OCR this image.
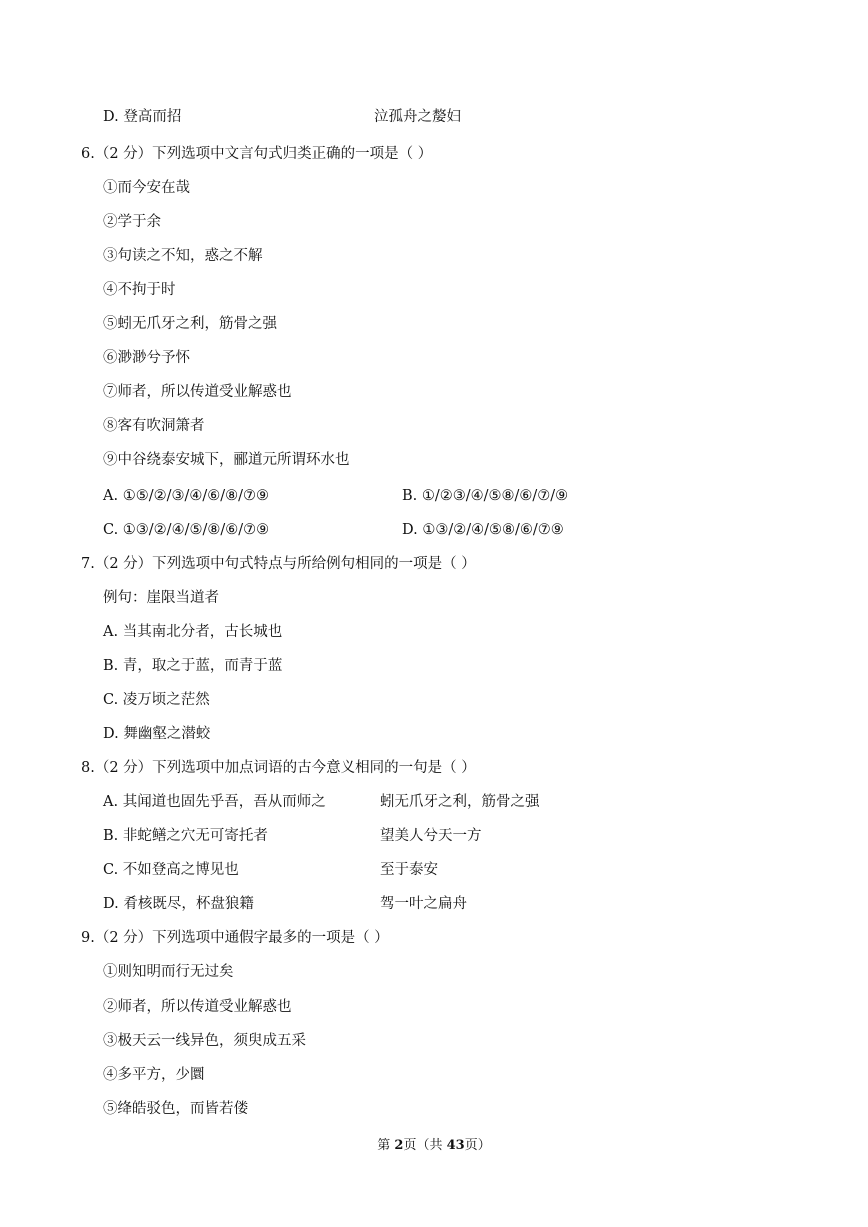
D. 登高而招	泣孤舟之嫠妇
6.（2 分）下列选项中文言句式归类正确的一项是（ ）
①而今安在哉
②学于余
③句读之不知，惑之不解
④不拘于时
⑤蚓无爪牙之利，筋骨之强
⑥渺渺兮予怀
⑦师者，所以传道受业解惑也
⑧客有吹洞箫者
⑨中谷绕泰安城下，郦道元所谓环水也
A. ①⑤/②/③/④/⑥/⑧/⑦⑨	B. ①/②③/④/⑤⑧/⑥/⑦/⑨
C. ①③/②/④/⑤/⑧/⑥/⑦⑨	D. ①③/②/④/⑤⑧/⑥/⑦⑨
7.（2 分）下列选项中句式特点与所给例句相同的一项是（ ）
例句：崖限当道者
A. 当其南北分者，古长城也
B. 青，取之于蓝，而青于蓝
C. 凌万顷之茫然
D. 舞幽壑之潜蛟
8.（2 分）下列选项中加点词语的古今意义相同的一句是（ ）
A. 其闻道也固先乎吾，吾从而师之	蚓无爪牙之利，筋骨之强
B. 非蛇鳝之穴无可寄托者	望美人兮天一方
C. 不如登高之博见也	至于泰安
D. 肴核既尽，杯盘狼籍	驾一叶之扁舟
9.（2 分）下列选项中通假字最多的一项是（ ）
①则知明而行无过矣
②师者，所以传道受业解惑也
③极天云一线异色，须臾成五采
④多平方，少圜
⑤绛皓驳色，而皆若偻
第 2页（共 43页）
